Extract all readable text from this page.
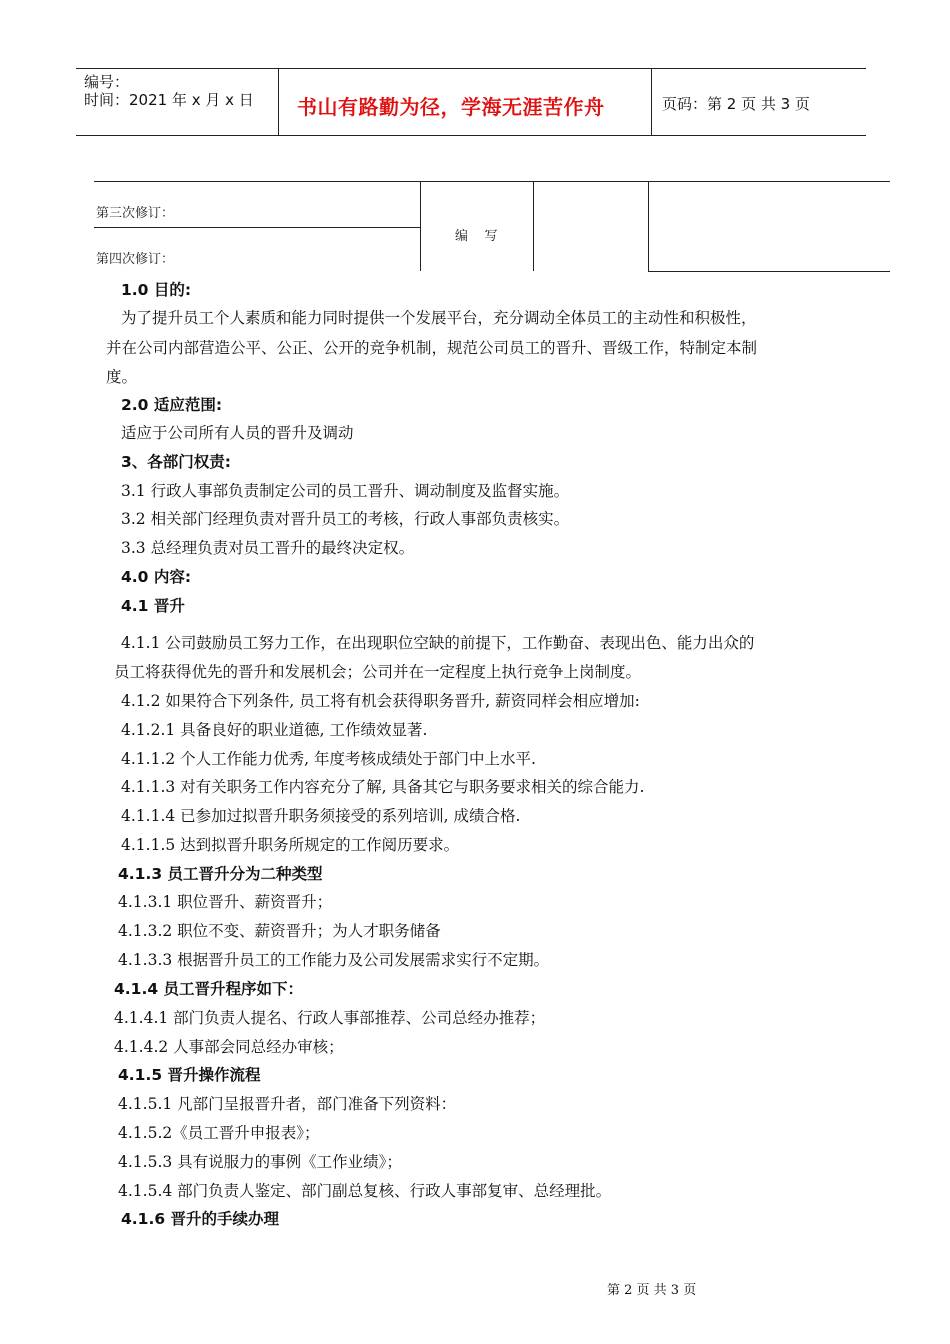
编号：
时间：2021 年 x 月 x 日 书山有路勤为径，学海无涯苦作舟	页码：第 2 页 共 3 页
第三次修订：
第四次修订：
编    写
1.0 目的:
为了提升员工个人素质和能力同时提供一个发展平台，充分调动全体员工的主动性和积极性，
并在公司内部营造公平、公正、公开的竞争机制，规范公司员工的晋升、晋级工作，特制定本制
度。
2.0 适应范围:
适应于公司所有人员的晋升及调动
3、各部门权责:
3.1 行政人事部负责制定公司的员工晋升、调动制度及监督实施。
3.2 相关部门经理负责对晋升员工的考核，行政人事部负责核实。
3.3 总经理负责对员工晋升的最终决定权。
4.0 内容:
4.1 晋升
4.1.1 公司鼓励员工努力工作，在出现职位空缺的前提下，工作勤奋、表现出色、能力出众的
员工将获得优先的晋升和发展机会；公司并在一定程度上执行竞争上岗制度。
4.1.2 如果符合下列条件, 员工将有机会获得职务晋升, 薪资同样会相应增加:
4.1.2.1 具备良好的职业道德, 工作绩效显著.
4.1.1.2 个人工作能力优秀, 年度考核成绩处于部门中上水平.
4.1.1.3 对有关职务工作内容充分了解, 具备其它与职务要求相关的综合能力.
4.1.1.4 已参加过拟晋升职务须接受的系列培训, 成绩合格.
4.1.1.5 达到拟晋升职务所规定的工作阅历要求。
4.1.3 员工晋升分为二种类型
4.1.3.1 职位晋升、薪资晋升；
4.1.3.2 职位不变、薪资晋升；为人才职务储备
4.1.3.3 根据晋升员工的工作能力及公司发展需求实行不定期。
4.1.4 员工晋升程序如下：
4.1.4.1 部门负责人提名、行政人事部推荐、公司总经办推荐；
4.1.4.2 人事部会同总经办审核；
4.1.5 晋升操作流程
4.1.5.1 凡部门呈报晋升者，部门准备下列资料：
4.1.5.2《员工晋升申报表》；
4.1.5.3 具有说服力的事例《工作业绩》；
4.1.5.4 部门负责人鉴定、部门副总复核、行政人事部复审、总经理批。
4.1.6 晋升的手续办理
第 2 页 共 3 页
